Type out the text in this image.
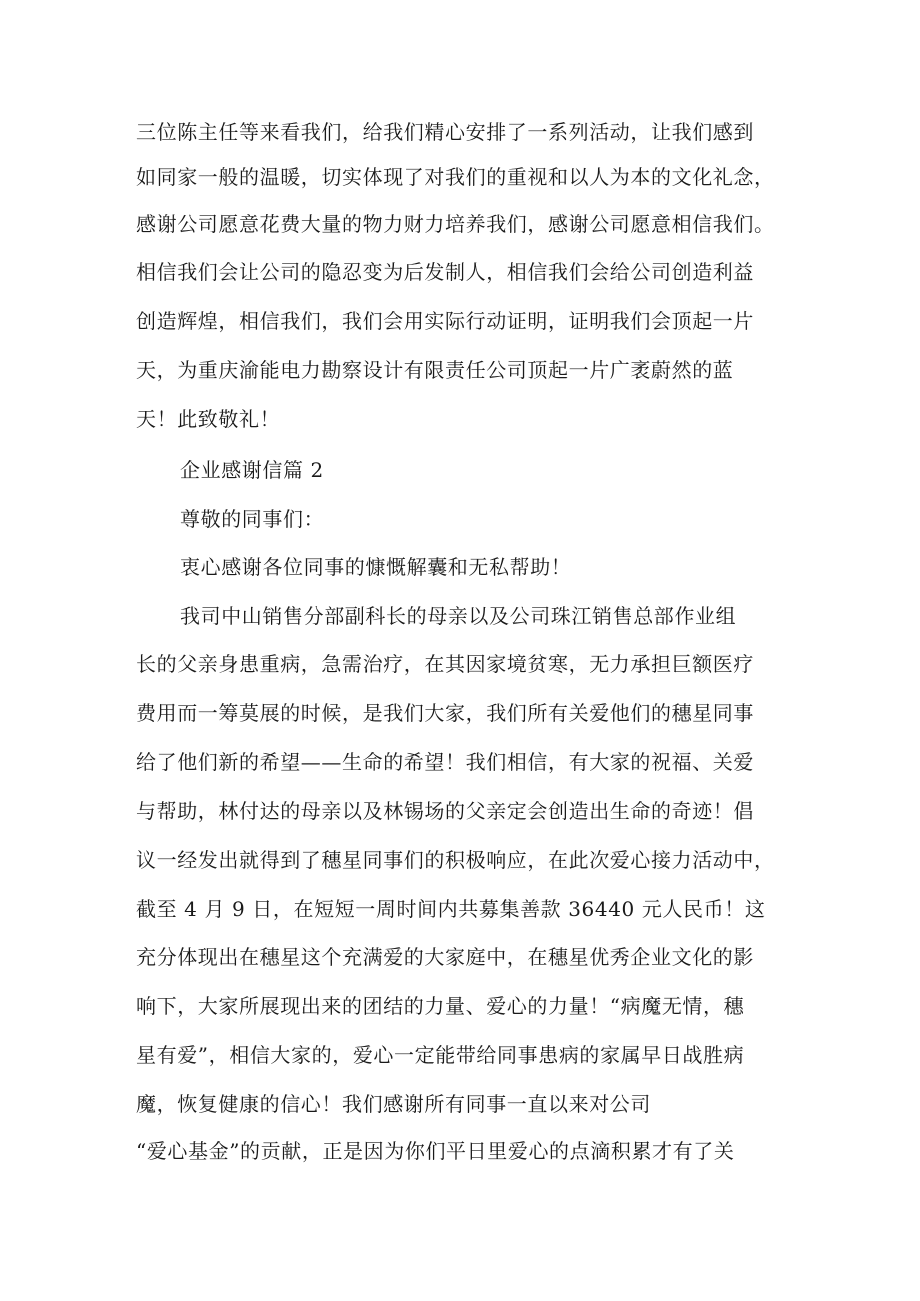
三位陈主任等来看我们，给我们精心安排了一系列活动，让我们感到
如同家一般的温暖，切实体现了对我们的重视和以人为本的文化礼念，
感谢公司愿意花费大量的物力财力培养我们，感谢公司愿意相信我们。
相信我们会让公司的隐忍变为后发制人，相信我们会给公司创造利益
创造辉煌，相信我们，我们会用实际行动证明，证明我们会顶起一片
天，为重庆渝能电力勘察设计有限责任公司顶起一片广袤蔚然的蓝
天！此致敬礼！
企业感谢信篇 2
尊敬的同事们：
衷心感谢各位同事的慷慨解囊和无私帮助！
我司中山销售分部副科长的母亲以及公司珠江销售总部作业组
长的父亲身患重病，急需治疗，在其因家境贫寒，无力承担巨额医疗
费用而一筹莫展的时候，是我们大家，我们所有关爱他们的穗星同事
给了他们新的希望——生命的希望！我们相信，有大家的祝福、关爱
与帮助，林付达的母亲以及林锡场的父亲定会创造出生命的奇迹！倡
议一经发出就得到了穗星同事们的积极响应，在此次爱心接力活动中，
截至 4 月 9 日，在短短一周时间内共募集善款 36440 元人民币！这
充分体现出在穗星这个充满爱的大家庭中，在穗星优秀企业文化的影
响下，大家所展现出来的团结的力量、爱心的力量！“病魔无情，穗
星有爱”，相信大家的，爱心一定能带给同事患病的家属早日战胜病
魔，恢复健康的信心！我们感谢所有同事一直以来对公司
“爱心基金”的贡献，正是因为你们平日里爱心的点滴积累才有了关
